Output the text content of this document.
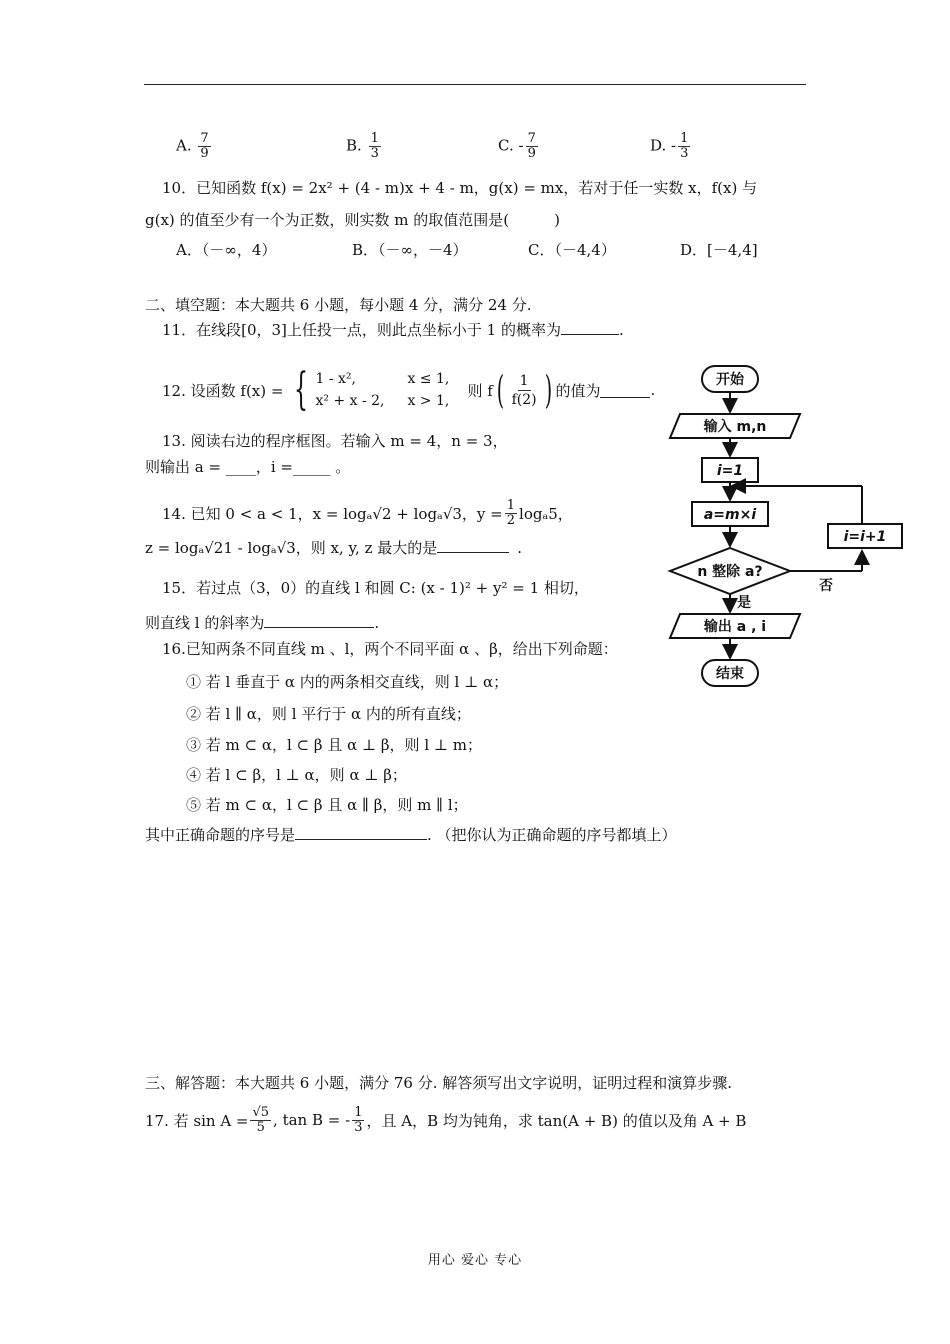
A. $\frac{7}{9}$	B. $\frac{1}{3}$	C. - $\frac{7}{9}$	D. - $\frac{1}{3}$
10．已知函数 f(x) = 2x² + (4 - m)x + 4 - m，g(x) = mx，若对于任一实数 x，f(x) 与
g(x) 的值至少有一个为正数，则实数 m 的取值范围是(　　　)
A．（－∞，4）	B．（－∞，－4）	C．（－4,4）	D．[－4,4]
二、填空题：本大题共 6 小题，每小题 4 分，满分 24 分.
11．在线段[0，3]上任投一点，则此点坐标小于 1 的概率为	.
12. 设函数 f(x) = { 1 - x²,	x ≤ 1,
x² + x - 2,	x > 1,
则 f ( $\frac{1}{f(2)}$ ) 的值为	.
13. 阅读右边的程序框图。若输入 m = 4，n = 3，
则输出 a = ____，i =_____ 。
14. 已知 0 < a < 1，x = logₐ√2 + logₐ√3，$y = \frac{1}{2} \log_a5$，
z = logₐ√21 - logₐ√3，则 x, y, z 最大的是	.
15．若过点（3，0）的直线 l 和圆 C: (x - 1)² + y² = 1 相切，
则直线 l 的斜率为	.
16.已知两条不同直线 m 、l，两个不同平面 α 、β，给出下列命题：
① 若 l 垂直于 α 内的两条相交直线，则 l ⊥ α；
② 若 l ∥ α，则 l 平行于 α 内的所有直线；
③ 若 m ⊂ α，l ⊂ β 且 α ⊥ β，则 l ⊥ m；
④ 若 l ⊂ β，l ⊥ α，则 α ⊥ β；
⑤ 若 m ⊂ α，l ⊂ β 且 α ∥ β，则 m ∥ l；
其中正确命题的序号是	. （把你认为正确命题的序号都填上）
开始
输入 m,n
i=1
a=m×i
i=i+1
n 整除 a?
否
是
输出 a , i
结束
三、解答题：本大题共 6 小题，满分 76 分. 解答须写出文字说明，证明过程和演算步骤.
17. 若 $\sin A = \frac{√5}{5}$ , tan B = - $\frac{1}{3}$ ，且 A，B 均为钝角，求 tan(A + B) 的值以及角 A + B
用心 爱心 专心
